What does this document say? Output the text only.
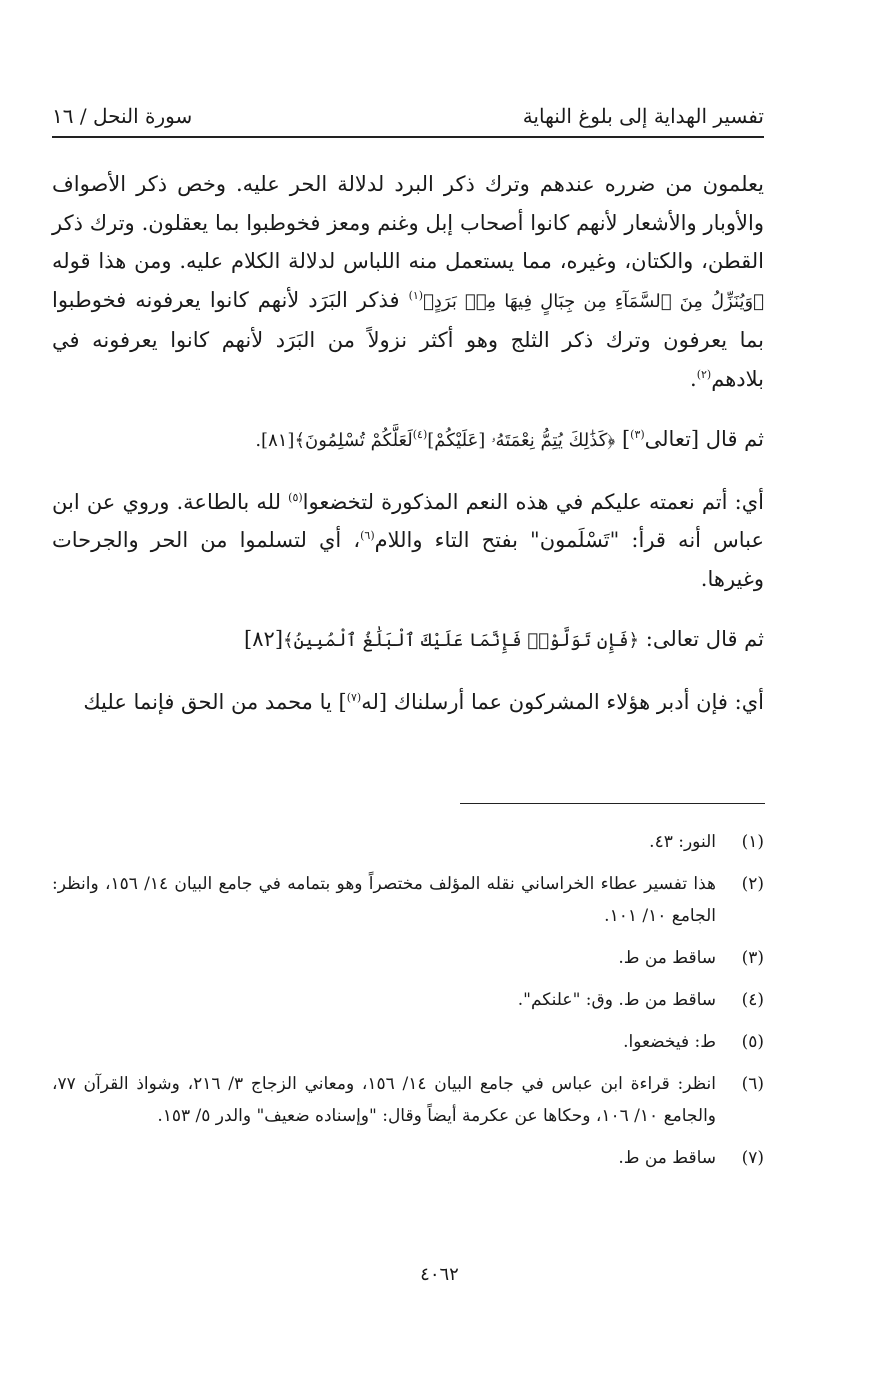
تفسير الهداية إلى بلوغ النهاية
سورة النحل / ١٦

يعلمون من ضرره عندهم وترك ذكر البرد لدلالة الحر عليه. وخص ذكر الأصواف والأوبار والأشعار لأنهم كانوا أصحاب إبل وغنم ومعز فخوطبوا بما يعقلون. وترك ذكر القطن، والكتان، وغيره، مما يستعمل منه اللباس لدلالة الكلام عليه. ومن هذا قوله ﴿وَيُنَزِّلُ مِنَ ٱلسَّمَآءِ مِن جِبَالٍ فِيهَا مِنۢ بَرَدٍ﴾$^{(١)}$ فذكر البَرَد لأنهم كانوا يعرفونه فخوطبوا بما يعرفون وترك ذكر الثلج وهو أكثر نزولاً من البَرَد لأنهم كانوا يعرفونه في بلادهم$^{(٢)}$.

ثم قال [تعالى$^{(٣)}$] ﴿كَذَٰلِكَ يُتِمُّ نِعْمَتَهُۥ [عَلَيْكُمْ]$^{(٤)}$لَعَلَّكُمْ تُسْلِمُونَ﴾[٨١].

أي: أتم نعمته عليكم في هذه النعم المذكورة لتخضعوا$^{(٥)}$ لله بالطاعة. وروي عن ابن عباس أنه قرأ: "تَسْلَمون" بفتح التاء واللام$^{(٦)}$، أي لتسلموا من الحر والجرحات وغيرها.

ثم قال تعالى: ﴿فَإِن تَوَلَّوْا۟ فَإِنَّمَا عَلَيْكَ ٱلْبَلَٰغُ ٱلْمُبِينُ﴾[٨٢]

أي: فإن أدبر هؤلاء المشركون عما أرسلناك [له$^{(٧)}$] يا محمد من الحق فإنما عليك

(١)
النور: ٤٣.
(٢)
هذا تفسير عطاء الخراساني نقله المؤلف مختصراً وهو بتمامه في جامع البيان ١٤/ ١٥٦، وانظر: الجامع ١٠/ ١٠١.
(٣)
ساقط من ط.
(٤)
ساقط من ط. وق: "علنكم".
(٥)
ط: فيخضعوا.
(٦)
انظر: قراءة ابن عباس في جامع البيان ١٤/ ١٥٦، ومعاني الزجاج ٣/ ٢١٦، وشواذ القرآن ٧٧، والجامع ١٠/ ١٠٦، وحكاها عن عكرمة أيضاً وقال: "وإسناده ضعيف" والدر ٥/ ١٥٣.
(٧)
ساقط من ط.
٤٠٦٢
